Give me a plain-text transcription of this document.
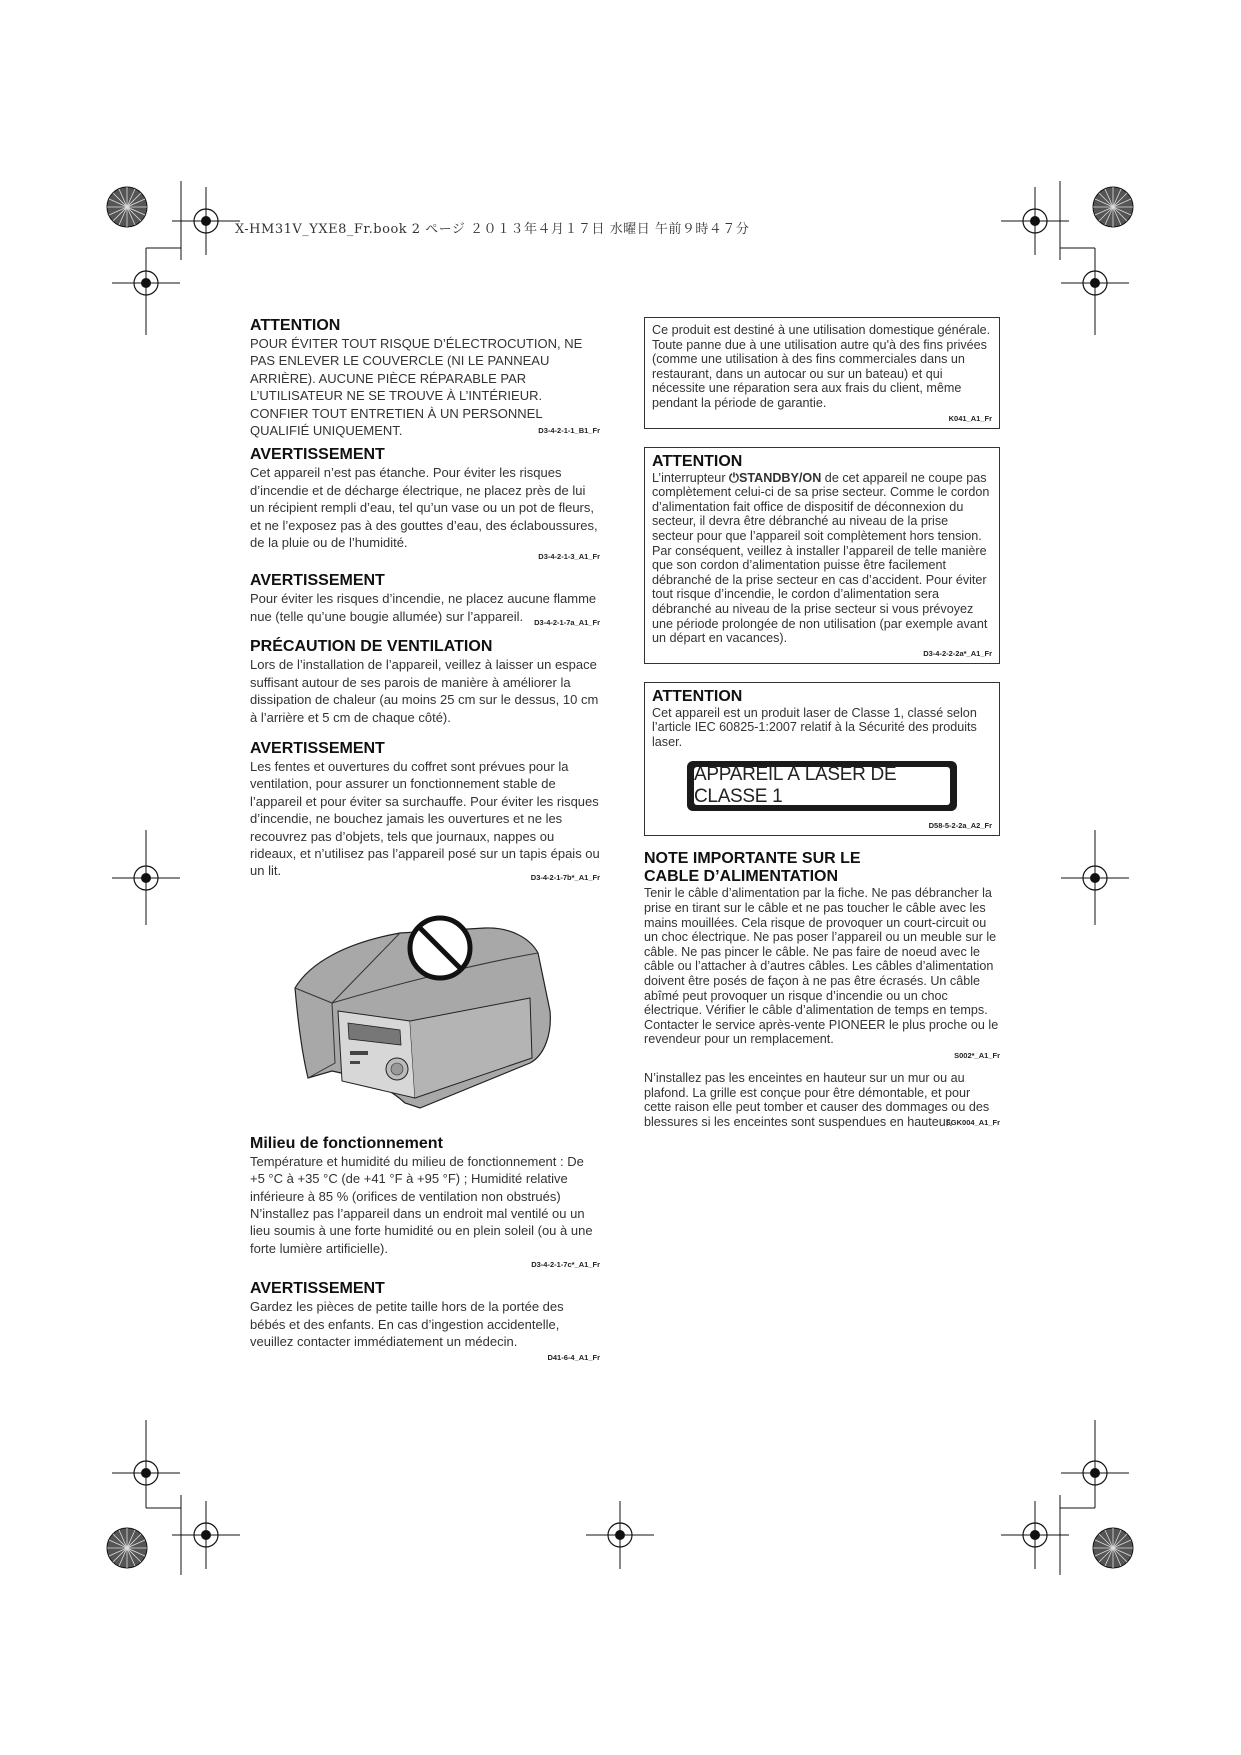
X-HM31V_YXE8_Fr.book 2 ページ ２０１３年４月１７日 水曜日 午前９時４７分
ATTENTION

POUR ÉVITER TOUT RISQUE D’ÉLECTROCUTION, NE PAS ENLEVER LE COUVERCLE (NI LE PANNEAU ARRIÈRE). AUCUNE PIÈCE RÉPARABLE PAR L’UTILISATEUR NE SE TROUVE À L’INTÉRIEUR. CONFIER TOUT ENTRETIEN À UN PERSONNEL QUALIFIÉ UNIQUEMENT.	D3-4-2-1-1_B1_Fr
AVERTISSEMENT

Cet appareil n’est pas étanche. Pour éviter les risques d’incendie et de décharge électrique, ne placez près de lui un récipient rempli d’eau, tel qu’un vase ou un pot de fleurs, et ne l’exposez pas à des gouttes d’eau, des éclaboussures, de la pluie ou de l’humidité.

D3-4-2-1-3_A1_Fr
AVERTISSEMENT

Pour éviter les risques d’incendie, ne placez aucune flamme nue (telle qu’une bougie allumée) sur l’appareil.	D3-4-2-1-7a_A1_Fr
PRÉCAUTION DE VENTILATION

Lors de l’installation de l’appareil, veillez à laisser un espace suffisant autour de ses parois de manière à améliorer la dissipation de chaleur (au moins 25 cm sur le dessus, 10 cm à l’arrière et 5 cm de chaque côté).

AVERTISSEMENT

Les fentes et ouvertures du coffret sont prévues pour la ventilation, pour assurer un fonctionnement stable de l’appareil et pour éviter sa surchauffe. Pour éviter les risques d’incendie, ne bouchez jamais les ouvertures et ne les recouvrez pas d’objets, tels que journaux, nappes ou rideaux, et n’utilisez pas l’appareil posé sur un tapis épais ou un lit.	D3-4-2-1-7b*_A1_Fr
Milieu de fonctionnement

Température et humidité du milieu de fonctionnement : De +5 °C à +35 °C (de +41 °F à +95 °F) ; Humidité relative inférieure à 85 % (orifices de ventilation non obstrués)

N’installez pas l’appareil dans un endroit mal ventilé ou un lieu soumis à une forte humidité ou en plein soleil (ou à une forte lumière artificielle).

D3-4-2-1-7c*_A1_Fr
AVERTISSEMENT

Gardez les pièces de petite taille hors de la portée des bébés et des enfants. En cas d’ingestion accidentelle, veuillez contacter immédiatement un médecin.

D41-6-4_A1_Fr

Ce produit est destiné à une utilisation domestique générale. Toute panne due à une utilisation autre qu'à des fins privées (comme une utilisation à des fins commerciales dans un restaurant, dans un autocar ou sur un bateau) et qui nécessite une réparation sera aux frais du client, même pendant la période de garantie.

K041_A1_Fr
ATTENTION

L’interrupteur ⏻STANDBY/ON de cet appareil ne coupe pas complètement celui-ci de sa prise secteur. Comme le cordon d’alimentation fait office de dispositif de déconnexion du secteur, il devra être débranché au niveau de la prise secteur pour que l’appareil soit complètement hors tension. Par conséquent, veillez à installer l’appareil de telle manière que son cordon d’alimentation puisse être facilement débranché de la prise secteur en cas d’accident. Pour éviter tout risque d’incendie, le cordon d’alimentation sera débranché au niveau de la prise secteur si vous prévoyez une période prolongée de non utilisation (par exemple avant un départ en vacances).

D3-4-2-2-2a*_A1_Fr
ATTENTION

Cet appareil est un produit laser de Classe 1, classé selon l’article IEC 60825-1:2007 relatif à la Sécurité des produits laser.

APPAREIL À LASER DE CLASSE 1
D58-5-2-2a_A2_Fr
NOTE IMPORTANTE SUR LE CABLE D’ALIMENTATION

Tenir le câble d’alimentation par la fiche. Ne pas débrancher la prise en tirant sur le câble et ne pas toucher le câble avec les mains mouillées. Cela risque de provoquer un court-circuit ou un choc électrique. Ne pas poser l’appareil ou un meuble sur le câble. Ne pas pincer le câble. Ne pas faire de noeud avec le câble ou l’attacher à d’autres câbles. Les câbles d’alimentation doivent être posés de façon à ne pas être écrasés. Un câble abîmé peut provoquer un risque d’incendie ou un choc électrique. Vérifier le câble d’alimentation de temps en temps. Contacter le service après-vente PIONEER le plus proche ou le revendeur pour un remplacement.

S002*_A1_Fr

N’installez pas les enceintes en hauteur sur un mur ou au plafond. La grille est conçue pour être démontable, et pour cette raison elle peut tomber et causer des dommages ou des blessures si les enceintes sont suspendues en hauteur.

SGK004_A1_Fr
